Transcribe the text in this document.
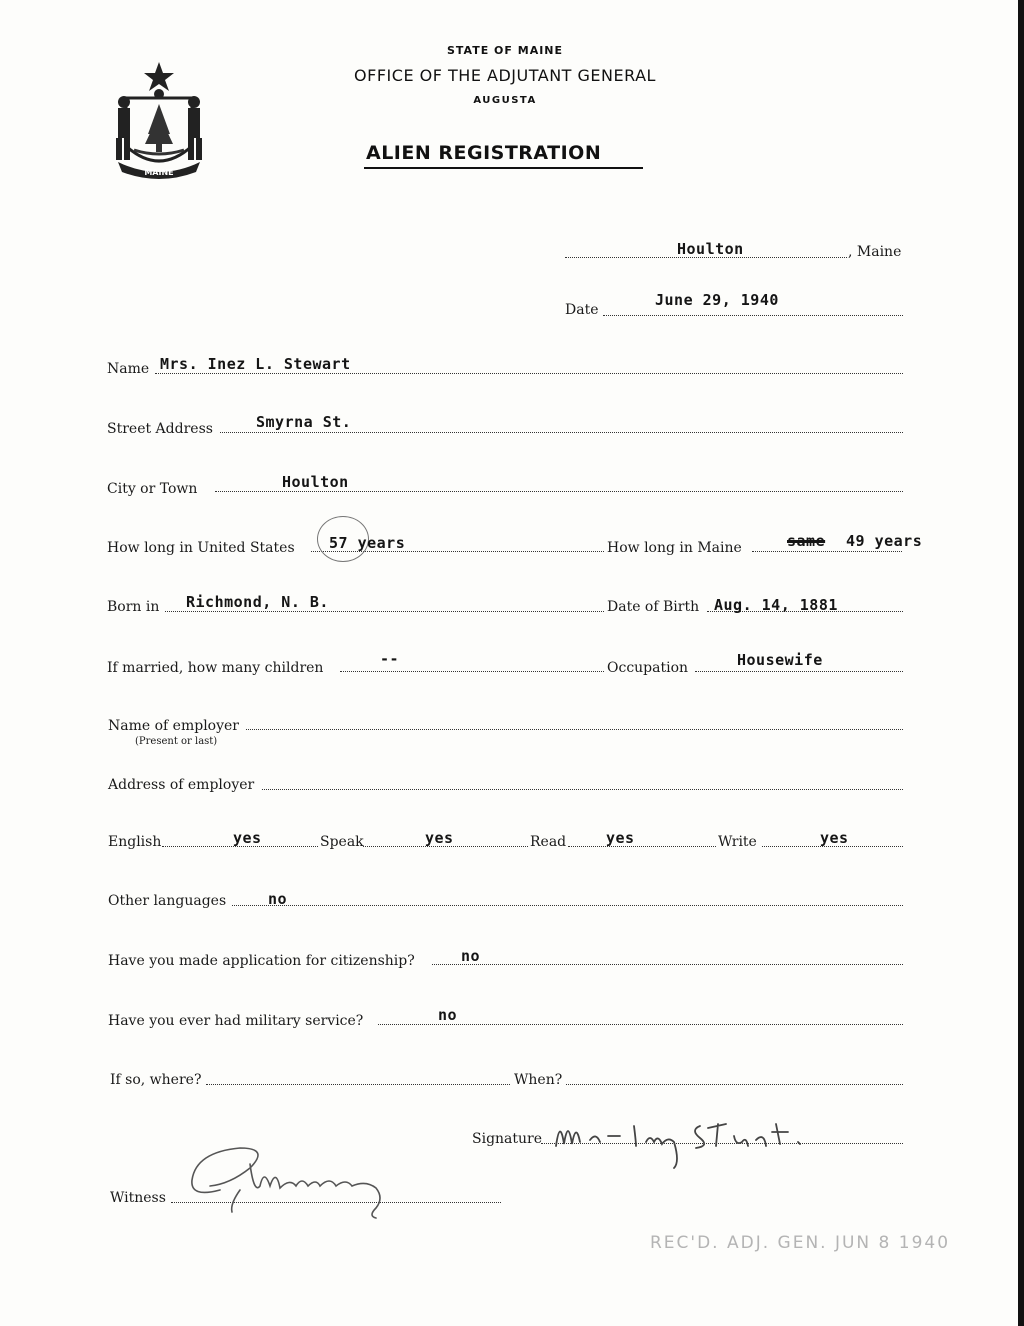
MAINE
STATE OF MAINE
OFFICE OF THE ADJUTANT GENERAL
AUGUSTA
ALIEN REGISTRATION
Houlton	, Maine
Date
June 29, 1940
Name Mrs. Inez L. Stewart
Street Address	Smyrna St.
City or Town	Houlton
How long in United States 57 years	How long in Maine	same 49 years
Born in Richmond, N. B.	Date of Birth Aug. 14, 1881
If married, how many children	--	Occupation	Housewife
Name of employer
(Present or last)
Address of employer
English	yes	Speak	yes	Read	yes	Write	yes
Other languages	no
Have you made application for citizenship?	no
Have you ever had military service?	no
If so, where?	When?
Signature
Witness
REC'D. ADJ. GEN. JUN 8 1940
